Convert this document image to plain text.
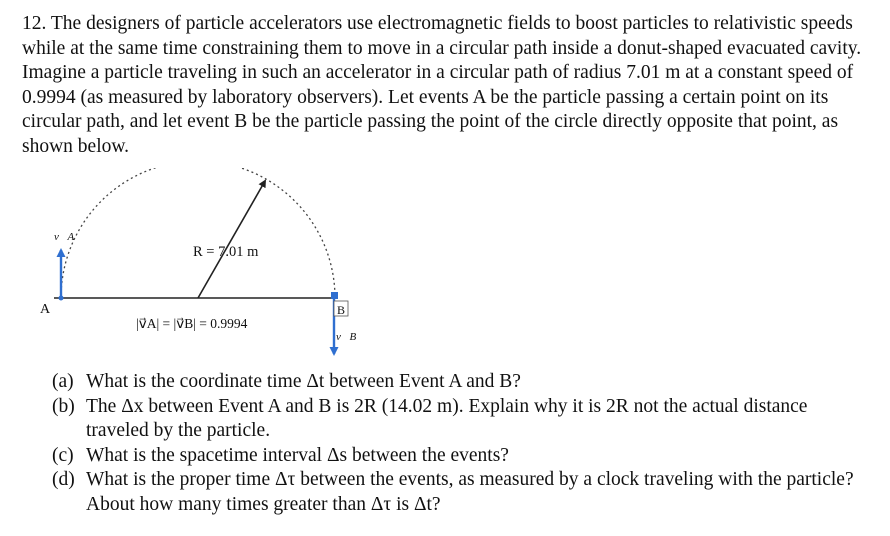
12. The designers of particle accelerators use electromagnetic fields to boost particles to relativistic speeds while at the same time constraining them to move in a circular path inside a donut-shaped evacuated cavity. Imagine a particle traveling in such an accelerator in a circular path of radius 7.01 m at a constant speed of 0.9994 (as measured by laboratory observers). Let events A be the particle passing a certain point on its circular path, and let event B be the particle passing the point of the circle directly opposite that point, as shown below.

A	B
v⃗A
v⃗B
R = 7.01 m
|v⃗A| = |v⃗B| = 0.9994
(a) What is the coordinate time Δt between Event A and B?
(b) The Δx between Event A and B is 2R (14.02 m). Explain why it is 2R not the actual distance traveled by the particle.
(c) What is the spacetime interval Δs between the events?
(d) What is the proper time Δτ between the events, as measured by a clock traveling with the particle? About how many times greater than Δτ is Δt?
